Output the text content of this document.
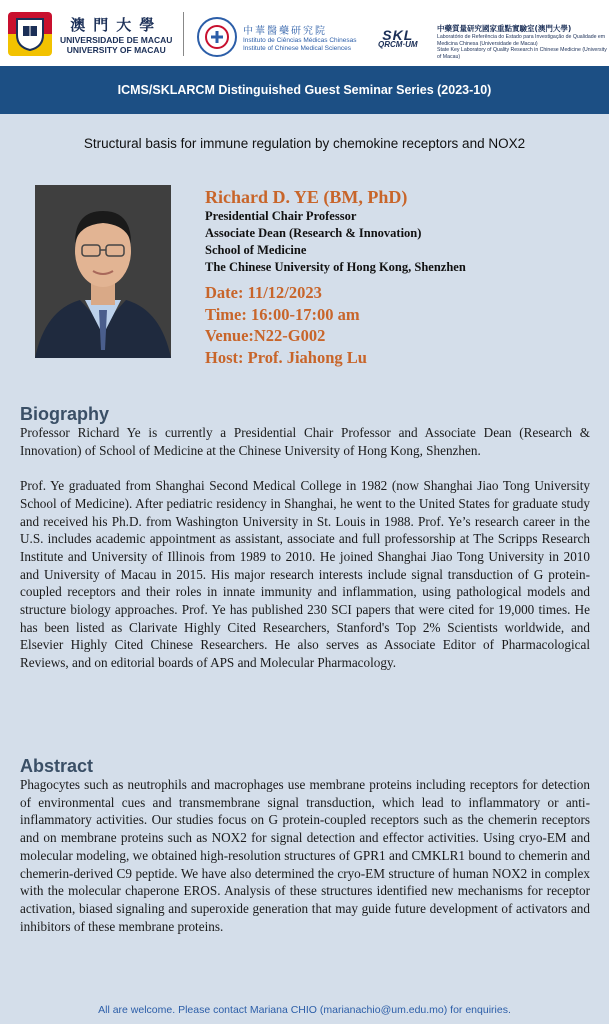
澳門大學
UNIVERSIDADE DE MACAU
UNIVERSITY OF MACAU
中華醫藥研究院
Instituto de Ciências Médicas Chinesas
Institute of Chinese Medical Sciences
SKL
QRCM·UM
中藥質量研究國家重點實驗室(澳門大學)
Laboratório de Referência do Estado para Investigação de Qualidade em Medicina Chinesa (Universidade de Macau)
State Key Laboratory of Quality Research in Chinese Medicine (University of Macau)
ICMS/SKLARCM Distinguished Guest Seminar Series (2023-10)
Structural basis for immune regulation by chemokine receptors and NOX2
Richard D. YE (BM, PhD)
Presidential Chair Professor
Associate Dean (Research & Innovation)
School of Medicine
The Chinese University of Hong Kong, Shenzhen
Date: 11/12/2023
Time: 16:00-17:00 am
Venue:N22-G002
Host: Prof. Jiahong Lu
Biography
Professor Richard Ye is currently a Presidential Chair Professor and Associate Dean (Research & Innovation) of School of Medicine at the Chinese University of Hong Kong, Shenzhen.
Prof. Ye graduated from Shanghai Second Medical College in 1982 (now Shanghai Jiao Tong University School of Medicine). After pediatric residency in Shanghai, he went to the United States for graduate study and received his Ph.D. from Washington University in St. Louis in 1988. Prof. Ye’s research career in the U.S. includes academic appointment as assistant, associate and full professorship at The Scripps Research Institute and University of Illinois from 1989 to 2010. He joined Shanghai Jiao Tong University in 2010 and University of Macau in 2015. His major research interests include signal transduction of G protein-coupled receptors and their roles in innate immunity and inflammation, using pathological models and structure biology approaches. Prof. Ye has published 230 SCI papers that were cited for 19,000 times. He has been listed as Clarivate Highly Cited Researchers, Stanford's Top 2% Scientists worldwide, and Elsevier Highly Cited Chinese Researchers. He also serves as Associate Editor of Pharmacological Reviews, and on editorial boards of APS and Molecular Pharmacology.
Abstract
Phagocytes such as neutrophils and macrophages use membrane proteins including receptors for detection of environmental cues and transmembrane signal transduction, which lead to inflammatory or anti-inflammatory activities. Our studies focus on G protein-coupled receptors such as the chemerin receptors and on membrane proteins such as NOX2 for signal detection and effector activities. Using cryo-EM and molecular modeling, we obtained high-resolution structures of GPR1 and CMKLR1 bound to chemerin and chemerin-derived C9 peptide. We have also determined the cryo-EM structure of human NOX2 in complex with the molecular chaperone EROS. Analysis of these structures identified new mechanisms for receptor activation, biased signaling and superoxide generation that may guide future development of activators and inhibitors of these membrane proteins.
All are welcome. Please contact Mariana CHIO (marianachio@um.edu.mo) for enquiries.
